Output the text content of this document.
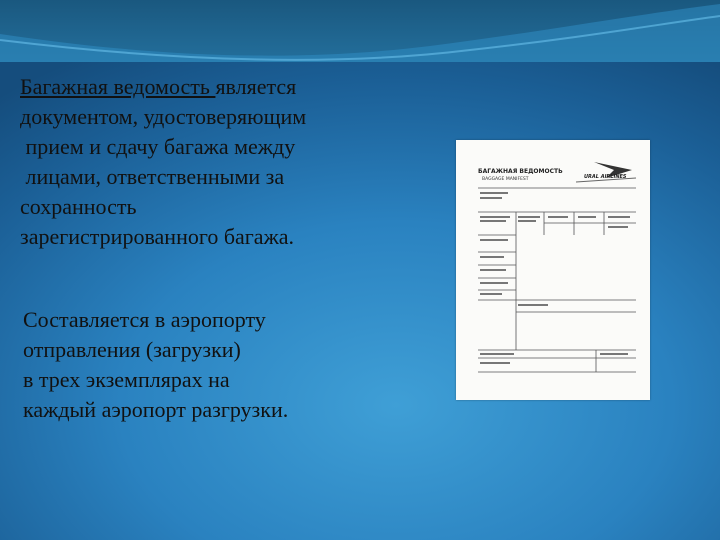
Багажная ведомость является
документом, удостоверяющим
прием и сдачу багажа между
лицами, ответственными за
сохранность
зарегистрированного багажа.

Составляется в аэропорту
отправления (загрузки)
в трех экземплярах на
каждый аэропорт разгрузки.

БАГАЖНАЯ ВЕДОМОСТЬ
BAGGAGE MANIFEST	URAL AIRLINES
